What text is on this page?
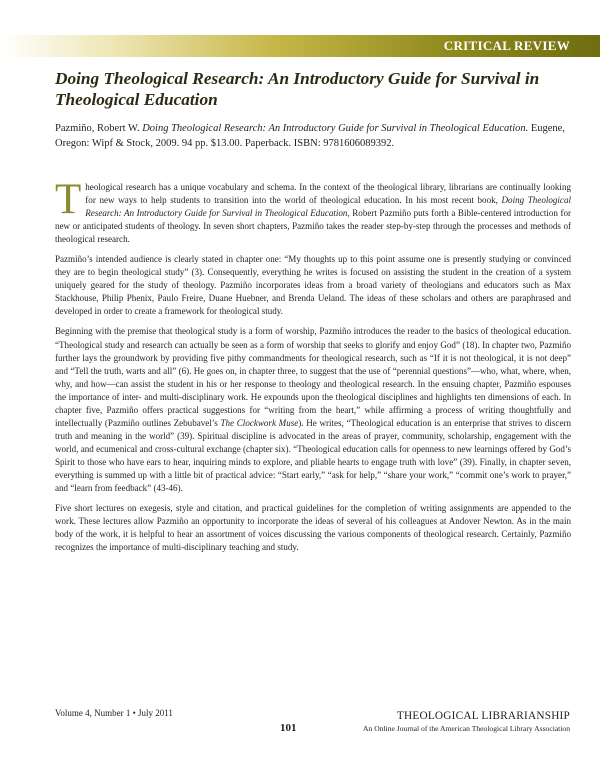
CRITICAL REVIEW
Doing Theological Research: An Introductory Guide for Survival in Theological Education

Pazmiño, Robert W. Doing Theological Research: An Introductory Guide for Survival in Theological Education. Eugene, Oregon: Wipf & Stock, 2009. 94 pp. $13.00. Paperback. ISBN: 9781606089392.

Theological research has a unique vocabulary and schema. In the context of the theological library, librarians are continually looking for new ways to help students to transition into the world of theological education. In his most recent book, Doing Theological Research: An Introductory Guide for Survival in Theological Education, Robert Pazmiño puts forth a Bible-centered introduction for new or anticipated students of theology. In seven short chapters, Pazmiño takes the reader step-by-step through the processes and methods of theological research.

Pazmiño’s intended audience is clearly stated in chapter one: “My thoughts up to this point assume one is presently studying or convinced they are to begin theological study” (3). Consequently, everything he writes is focused on assisting the student in the creation of a system uniquely geared for the study of theology. Pazmiño incorporates ideas from a broad variety of theologians and educators such as Max Stackhouse, Philip Phenix, Paulo Freire, Duane Huebner, and Brenda Ueland. The ideas of these scholars and others are paraphrased and developed in order to create a framework for theological study.

Beginning with the premise that theological study is a form of worship, Pazmiño introduces the reader to the basics of theological education. “Theological study and research can actually be seen as a form of worship that seeks to glorify and enjoy God” (18). In chapter two, Pazmiño further lays the groundwork by providing five pithy commandments for theological research, such as “If it is not theological, it is not deep” and “Tell the truth, warts and all” (6). He goes on, in chapter three, to suggest that the use of “perennial questions”—who, what, where, when, why, and how—can assist the student in his or her response to theology and theological research. In the ensuing chapter, Pazmiño espouses the importance of inter- and multi-disciplinary work. He expounds upon the theological disciplines and highlights ten dimensions of each. In chapter five, Pazmiño offers practical suggestions for “writing from the heart,” while affirming a process of writing thoughtfully and intellectually (Pazmiño outlines Zebubavel’s The Clockwork Muse). He writes, “Theological education is an enterprise that strives to discern truth and meaning in the world” (39). Spiritual discipline is advocated in the areas of prayer, community, scholarship, engagement with the world, and ecumenical and cross-cultural exchange (chapter six). “Theological education calls for openness to new learnings offered by God’s Spirit to those who have ears to hear, inquiring minds to explore, and pliable hearts to engage truth with love” (39). Finally, in chapter seven, everything is summed up with a little bit of practical advice: “Start early,” “ask for help,” “share your work,” “commit one’s work to prayer,” and “learn from feedback” (43-46).

Five short lectures on exegesis, style and citation, and practical guidelines for the completion of writing assignments are appended to the work. These lectures allow Pazmiño an opportunity to incorporate the ideas of several of his colleagues at Andover Newton. As in the main body of the work, it is helpful to hear an assortment of voices discussing the various components of theological research. Certainly, Pazmiño recognizes the importance of multi-disciplinary teaching and study.

Volume 4, Number 1 • July 2011
101
THEOLOGICAL LIBRARIANSHIP
An Online Journal of the American Theological Library Association
